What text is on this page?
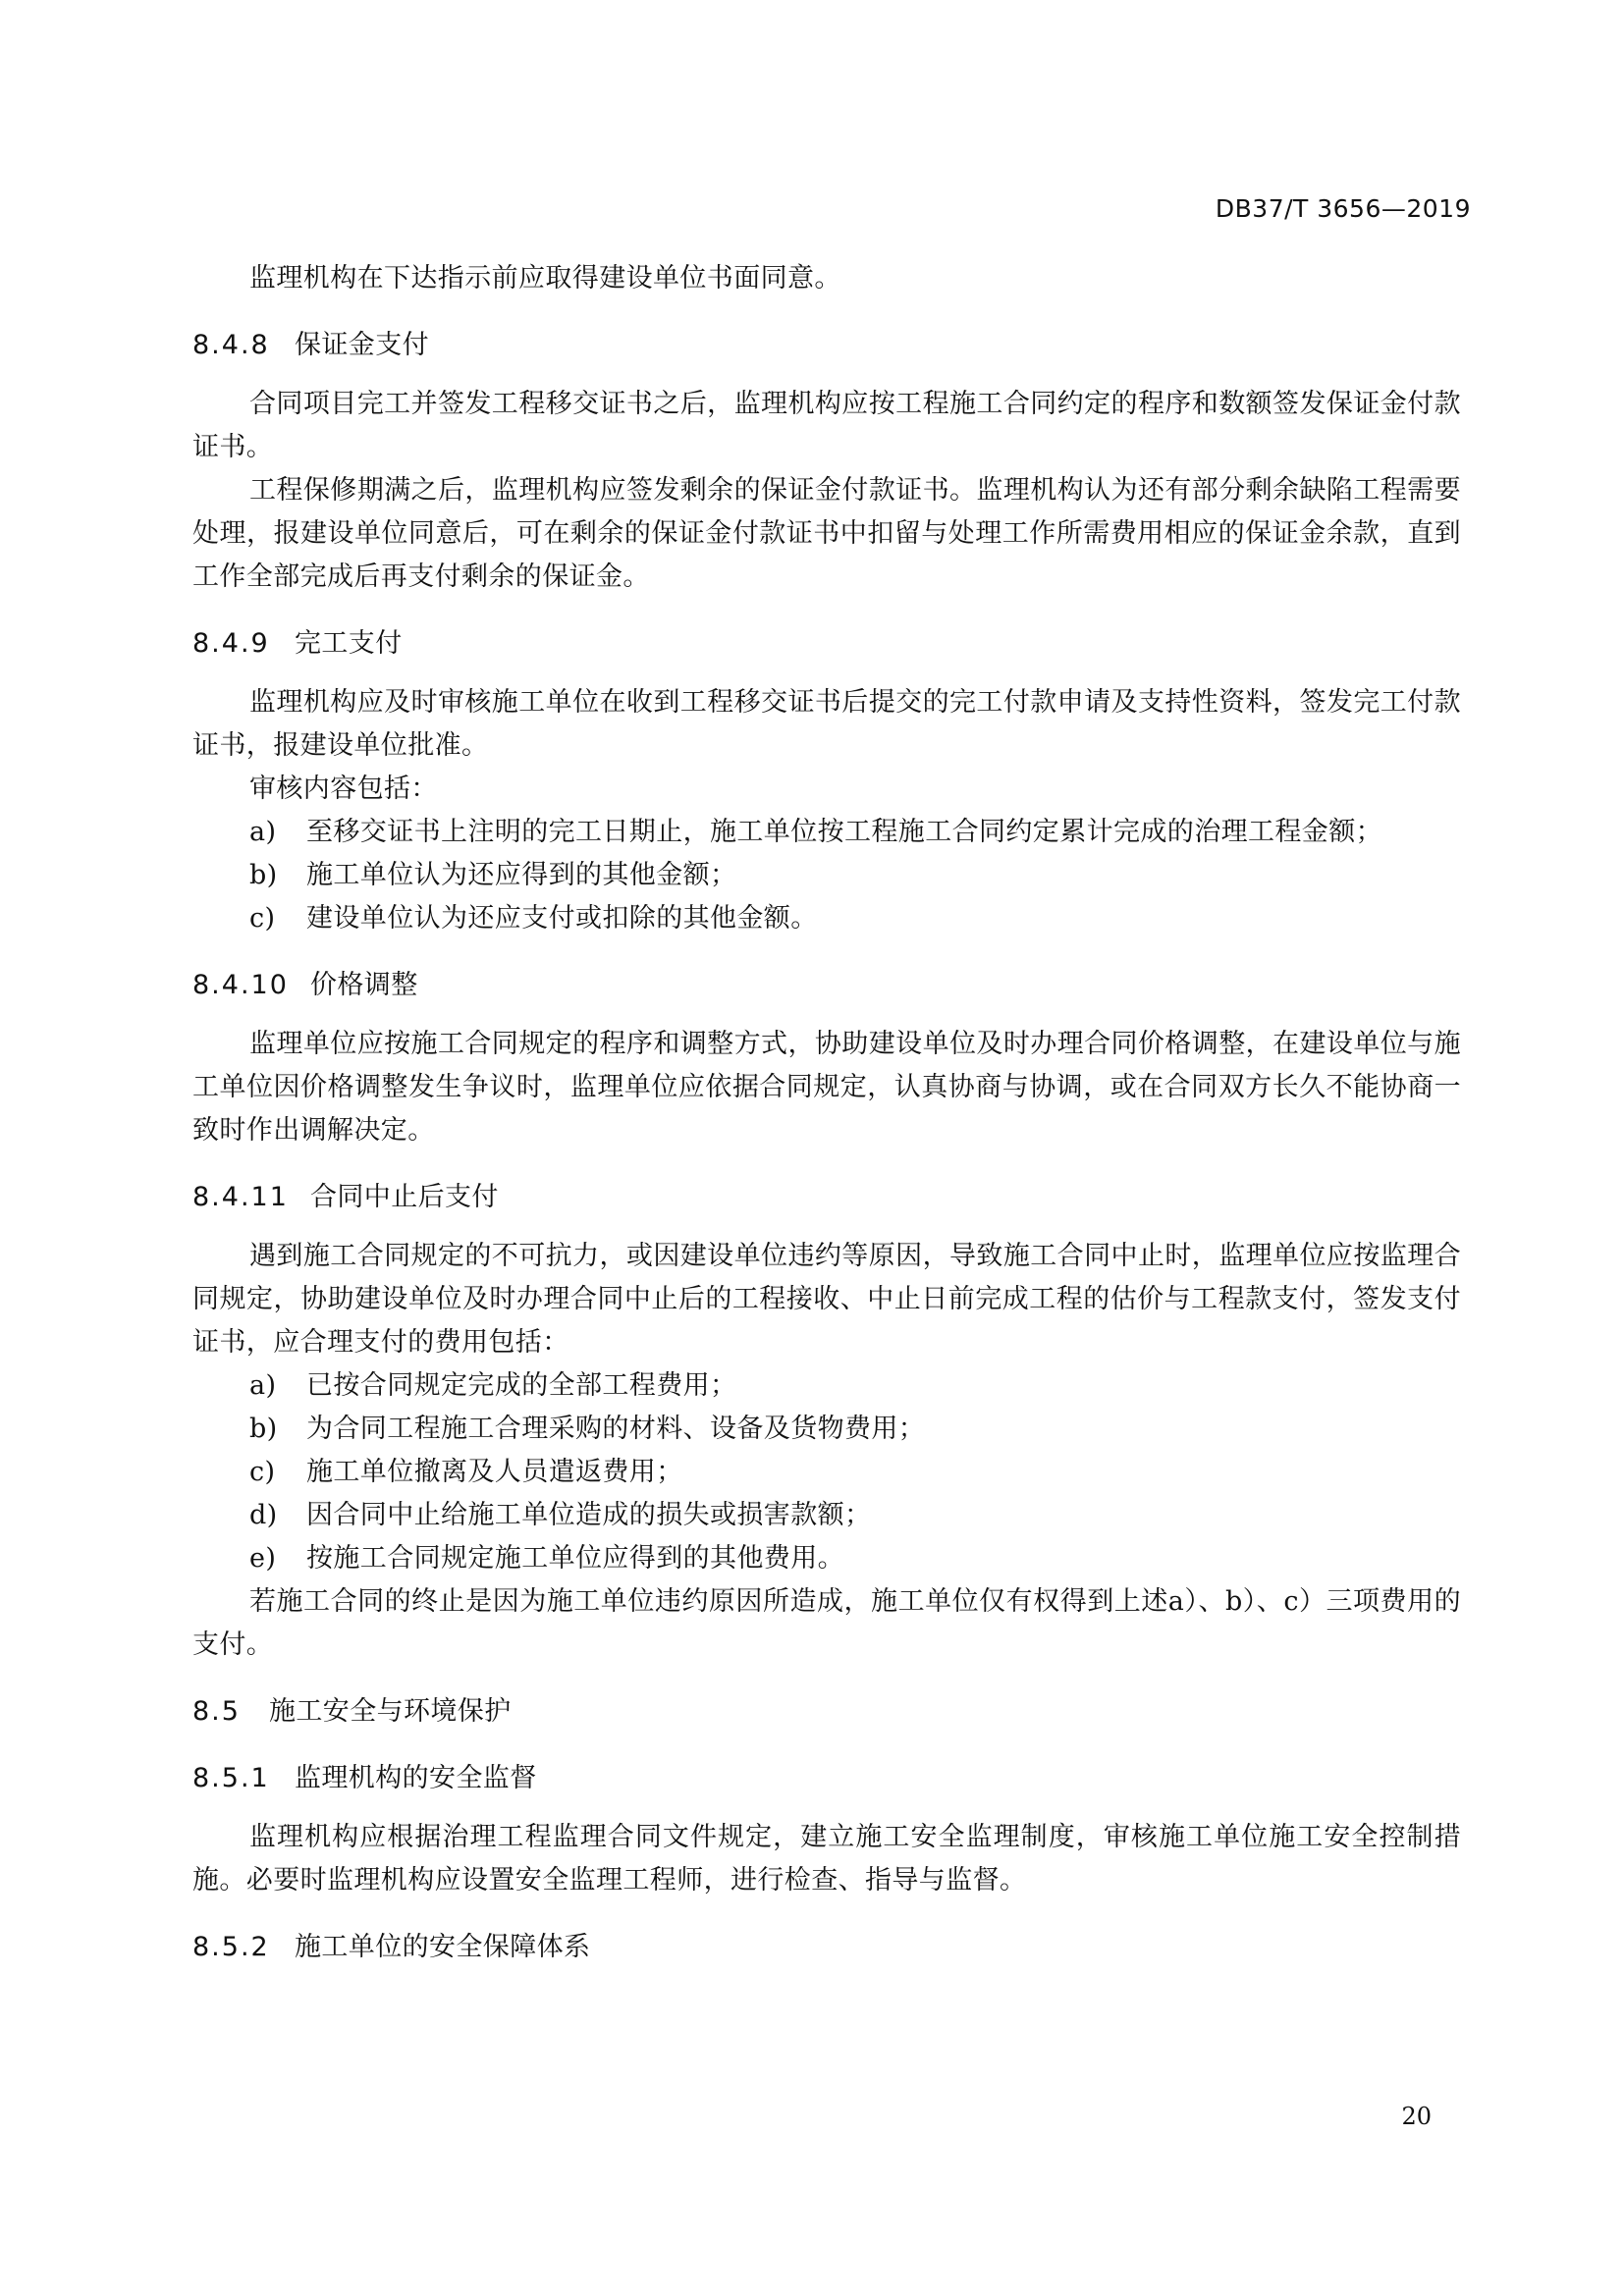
DB37/T 3656—2019

监理机构在下达指示前应取得建设单位书面同意。

8.4.8 保证金支付

合同项目完工并签发工程移交证书之后，监理机构应按工程施工合同约定的程序和数额签发保证金付款证书。

工程保修期满之后，监理机构应签发剩余的保证金付款证书。监理机构认为还有部分剩余缺陷工程需要处理，报建设单位同意后，可在剩余的保证金付款证书中扣留与处理工作所需费用相应的保证金余款，直到工作全部完成后再支付剩余的保证金。

8.4.9 完工支付

监理机构应及时审核施工单位在收到工程移交证书后提交的完工付款申请及支持性资料，签发完工付款证书，报建设单位批准。

审核内容包括：

a)	至移交证书上注明的完工日期止，施工单位按工程施工合同约定累计完成的治理工程金额；
b)	施工单位认为还应得到的其他金额；
c)	建设单位认为还应支付或扣除的其他金额。
8.4.10 价格调整

监理单位应按施工合同规定的程序和调整方式，协助建设单位及时办理合同价格调整，在建设单位与施工单位因价格调整发生争议时，监理单位应依据合同规定，认真协商与协调，或在合同双方长久不能协商一致时作出调解决定。

8.4.11 合同中止后支付

遇到施工合同规定的不可抗力，或因建设单位违约等原因，导致施工合同中止时，监理单位应按监理合同规定，协助建设单位及时办理合同中止后的工程接收、中止日前完成工程的估价与工程款支付，签发支付证书，应合理支付的费用包括：

a)	已按合同规定完成的全部工程费用；
b)	为合同工程施工合理采购的材料、设备及货物费用；
c)	施工单位撤离及人员遣返费用；
d)	因合同中止给施工单位造成的损失或损害款额；
e)	按施工合同规定施工单位应得到的其他费用。

若施工合同的终止是因为施工单位违约原因所造成，施工单位仅有权得到上述a）、b）、c）三项费用的支付。

8.5	施工安全与环境保护
8.5.1 监理机构的安全监督

监理机构应根据治理工程监理合同文件规定，建立施工安全监理制度，审核施工单位施工安全控制措施。必要时监理机构应设置安全监理工程师，进行检查、指导与监督。

8.5.2 施工单位的安全保障体系
20
